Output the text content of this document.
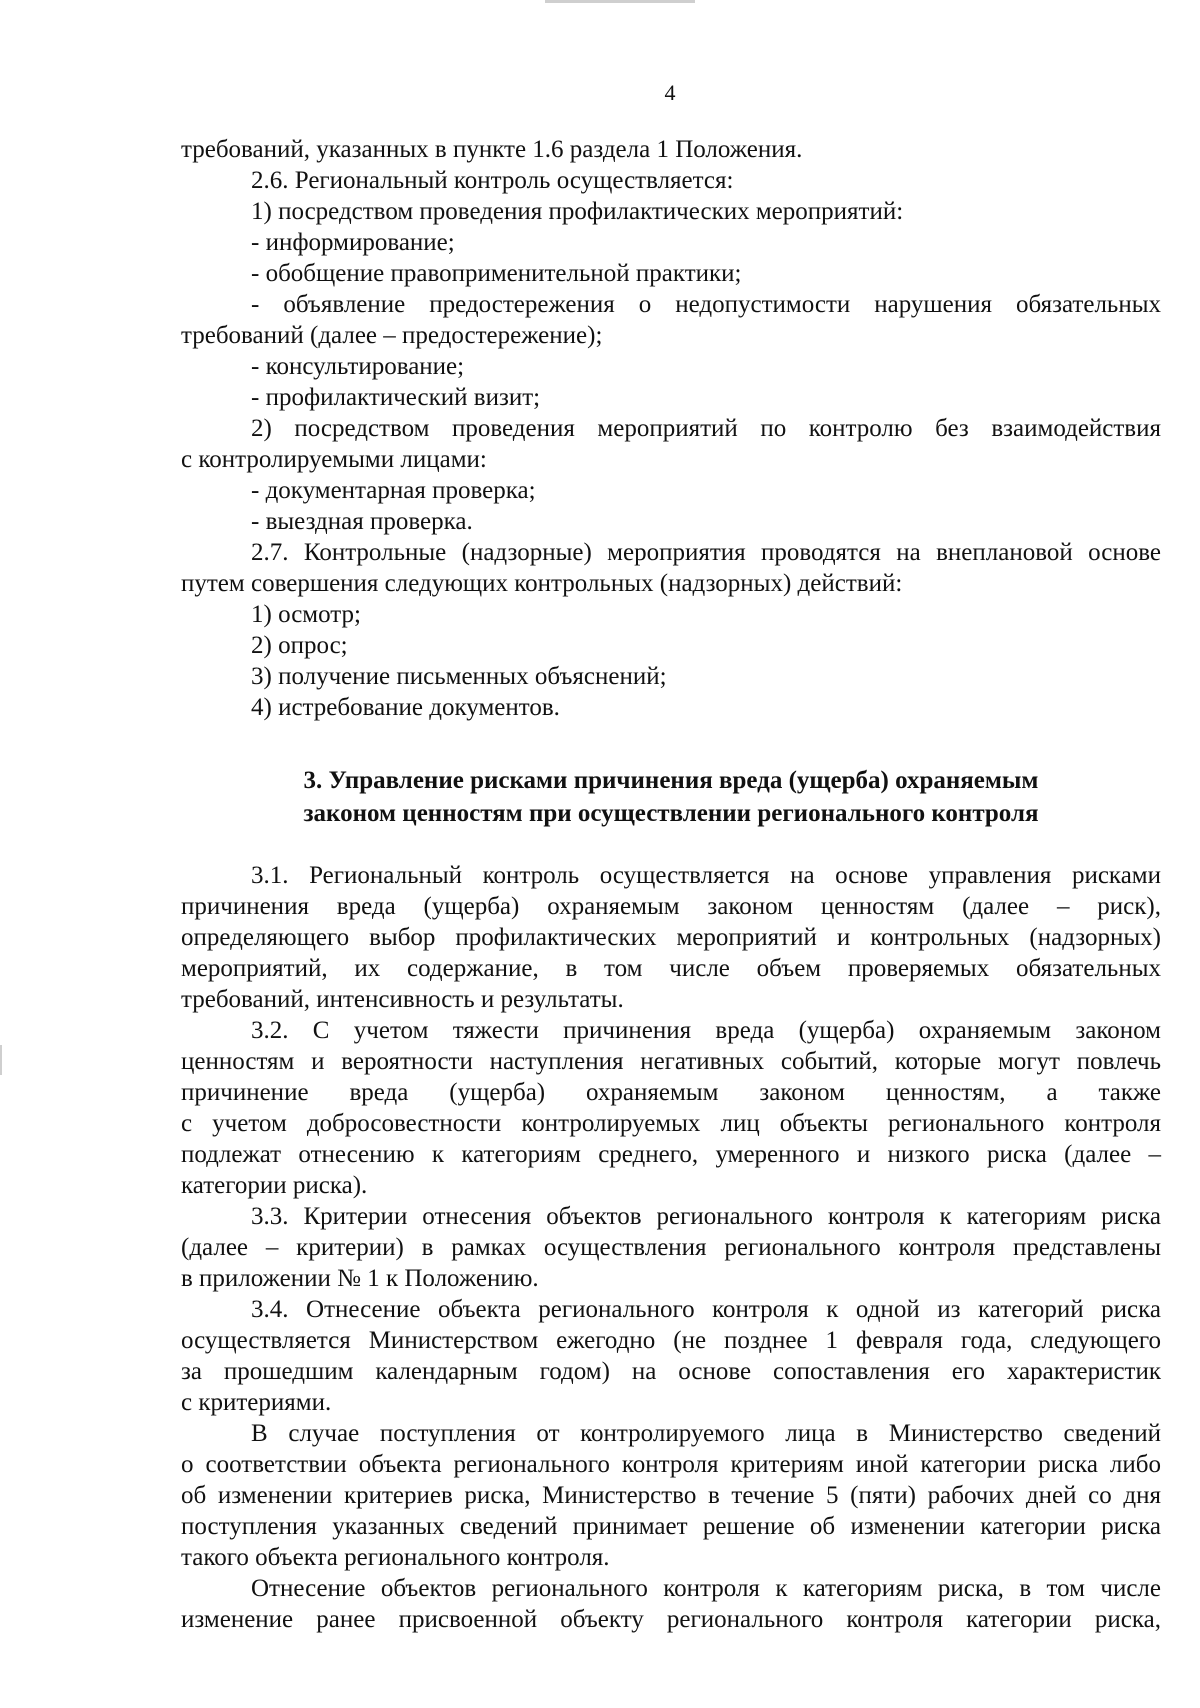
4
требований, указанных в пункте 1.6 раздела 1 Положения.
2.6. Региональный контроль осуществляется:
1) посредством проведения профилактических мероприятий:
- информирование;
- обобщение правоприменительной практики;
- объявление предостережения о недопустимости нарушения обязательных
требований (далее – предостережение);
- консультирование;
- профилактический визит;
2) посредством проведения мероприятий по контролю без взаимодействия
с контролируемыми лицами:
- документарная проверка;
- выездная проверка.
2.7. Контрольные (надзорные) мероприятия проводятся на внеплановой основе
путем совершения следующих контрольных (надзорных) действий:
1) осмотр;
2) опрос;
3) получение письменных объяснений;
4) истребование документов.
3. Управление рисками причинения вреда (ущерба) охраняемым
законом ценностям при осуществлении регионального контроля
3.1. Региональный контроль осуществляется на основе управления рисками
причинения вреда (ущерба) охраняемым законом ценностям (далее – риск),
определяющего выбор профилактических мероприятий и контрольных (надзорных)
мероприятий, их содержание, в том числе объем проверяемых обязательных
требований, интенсивность и результаты.
3.2. С учетом тяжести причинения вреда (ущерба) охраняемым законом
ценностям и вероятности наступления негативных событий, которые могут повлечь
причинение вреда (ущерба) охраняемым законом ценностям, а также
с учетом добросовестности контролируемых лиц объекты регионального контроля
подлежат отнесению к категориям среднего, умеренного и низкого риска (далее –
категории риска).
3.3. Критерии отнесения объектов регионального контроля к категориям риска
(далее – критерии) в рамках осуществления регионального контроля представлены
в приложении № 1 к Положению.
3.4. Отнесение объекта регионального контроля к одной из категорий риска
осуществляется Министерством ежегодно (не позднее 1 февраля года, следующего
за прошедшим календарным годом) на основе сопоставления его характеристик
с критериями.
В случае поступления от контролируемого лица в Министерство сведений
о соответствии объекта регионального контроля критериям иной категории риска либо
об изменении критериев риска, Министерство в течение 5 (пяти) рабочих дней со дня
поступления указанных сведений принимает решение об изменении категории риска
такого объекта регионального контроля.
Отнесение объектов регионального контроля к категориям риска, в том числе
изменение ранее присвоенной объекту регионального контроля категории риска,
